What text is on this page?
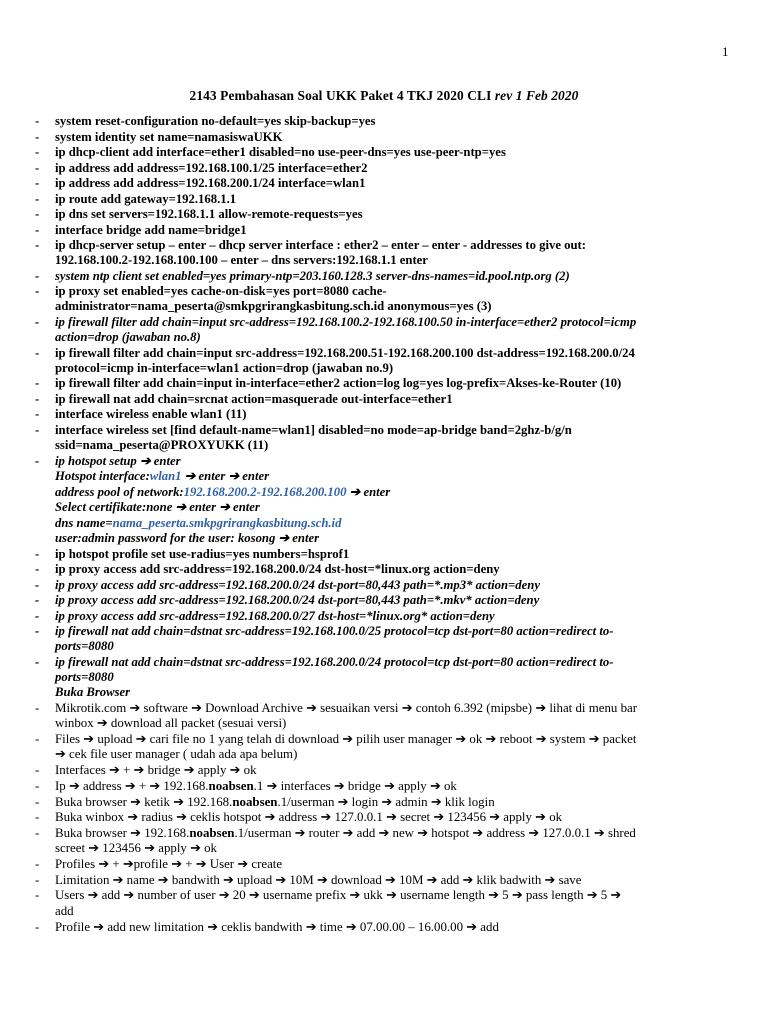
1
2143 Pembahasan Soal UKK Paket 4 TKJ 2020 CLI rev 1 Feb 2020
- system reset-configuration no-default=yes skip-backup=yes
- system identity set name=namasiswaUKK
- ip dhcp-client add interface=ether1 disabled=no use-peer-dns=yes use-peer-ntp=yes
- ip address add address=192.168.100.1/25 interface=ether2
- ip address add address=192.168.200.1/24 interface=wlan1
- ip route add gateway=192.168.1.1
- ip dns set servers=192.168.1.1 allow-remote-requests=yes
- interface bridge add name=bridge1
- ip dhcp-server setup – enter – dhcp server interface : ether2 – enter – enter - addresses to give out:
192.168.100.2-192.168.100.100 – enter – dns servers:192.168.1.1 enter
- system ntp client set enabled=yes primary-ntp=203.160.128.3 server-dns-names=id.pool.ntp.org (2)
- ip proxy set enabled=yes cache-on-disk=yes port=8080 cache-
administrator=nama_peserta@smkpgrirangkasbitung.sch.id anonymous=yes (3)
- ip firewall filter add chain=input src-address=192.168.100.2-192.168.100.50 in-interface=ether2 protocol=icmp
action=drop (jawaban no.8)
- ip firewall filter add chain=input src-address=192.168.200.51-192.168.200.100 dst-address=192.168.200.0/24
protocol=icmp in-interface=wlan1 action=drop (jawaban no.9)
- ip firewall filter add chain=input in-interface=ether2 action=log log=yes log-prefix=Akses-ke-Router (10)
- ip firewall nat add chain=srcnat action=masquerade out-interface=ether1
- interface wireless enable wlan1 (11)
- interface wireless set [find default-name=wlan1] disabled=no mode=ap-bridge band=2ghz-b/g/n
ssid=nama_peserta@PROXYUKK (11)
- ip hotspot setup ➔ enter
Hotspot interface:wlan1 ➔ enter ➔ enter
address pool of network:192.168.200.2-192.168.200.100 ➔ enter
Select certifikate:none ➔ enter ➔ enter
dns name=nama_peserta.smkpgrirangkasbitung.sch.id
user:admin password for the user: kosong ➔ enter
- ip hotspot profile set use-radius=yes numbers=hsprof1
- ip proxy access add src-address=192.168.200.0/24 dst-host=*linux.org action=deny
- ip proxy access add src-address=192.168.200.0/24 dst-port=80,443 path=*.mp3* action=deny
- ip proxy access add src-address=192.168.200.0/24 dst-port=80,443 path=*.mkv* action=deny
- ip proxy access add src-address=192.168.200.0/27 dst-host=*linux.org* action=deny
- ip firewall nat add chain=dstnat src-address=192.168.100.0/25 protocol=tcp dst-port=80 action=redirect to-
ports=8080
- ip firewall nat add chain=dstnat src-address=192.168.200.0/24 protocol=tcp dst-port=80 action=redirect to-
ports=8080
Buka Browser
- Mikrotik.com ➔ software ➔ Download Archive ➔ sesuaikan versi ➔ contoh 6.392 (mipsbe) ➔ lihat di menu bar
winbox ➔ download all packet (sesuai versi)
- Files ➔ upload ➔ cari file no 1 yang telah di download ➔ pilih user manager ➔ ok ➔ reboot ➔ system ➔ packet
➔ cek file user manager ( udah ada apa belum)
- Interfaces ➔ + ➔ bridge ➔ apply ➔ ok
- Ip ➔ address ➔ + ➔ 192.168.noabsen.1 ➔ interfaces ➔ bridge ➔ apply ➔ ok
- Buka browser ➔ ketik ➔ 192.168.noabsen.1/userman ➔ login ➔ admin ➔ klik login
- Buka winbox ➔ radius ➔ ceklis hotspot ➔ address ➔ 127.0.0.1 ➔ secret ➔ 123456 ➔ apply ➔ ok
- Buka browser ➔ 192.168.noabsen.1/userman ➔ router ➔ add ➔ new ➔ hotspot ➔ address ➔ 127.0.0.1 ➔ shred
screet ➔ 123456 ➔ apply ➔ ok
- Profiles ➔ + ➔profile ➔ + ➔ User ➔ create
- Limitation ➔ name ➔ bandwith ➔ upload ➔ 10M ➔ download ➔ 10M ➔ add ➔ klik badwith ➔ save
- Users ➔ add ➔ number of user ➔ 20 ➔ username prefix ➔ ukk ➔ username length ➔ 5 ➔ pass length ➔ 5 ➔
add
- Profile ➔ add new limitation ➔ ceklis bandwith ➔ time ➔ 07.00.00 – 16.00.00 ➔ add
